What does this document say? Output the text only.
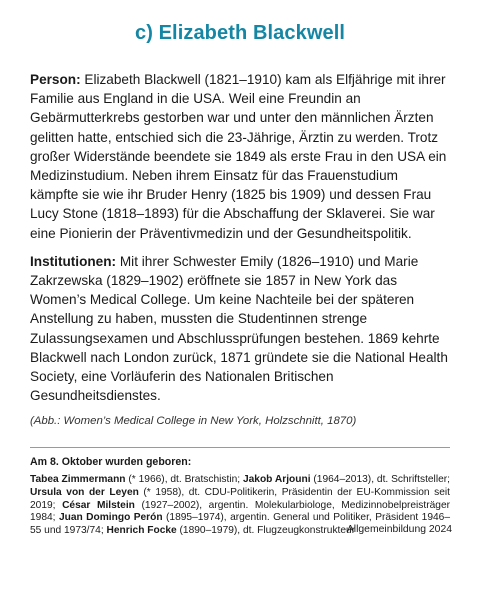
c) Elizabeth Blackwell

Person: Elizabeth Blackwell (1821–1910) kam als Elfjährige mit ihrer Familie aus England in die USA. Weil eine Freundin an Gebärmutterkrebs gestorben war und unter den männlichen Ärzten gelitten hatte, entschied sich die 23-Jährige, Ärztin zu werden. Trotz großer Widerstände beendete sie 1849 als erste Frau in den USA ein Medizinstudium. Neben ihrem Einsatz für das Frauenstudium kämpfte sie wie ihr Bruder Henry (1825 bis 1909) und dessen Frau Lucy Stone (1818–1893) für die Abschaffung der Sklaverei. Sie war eine Pionierin der Präventivmedizin und der Gesundheitspolitik.

Institutionen: Mit ihrer Schwester Emily (1826–1910) und Marie Zakrzewska (1829–1902) eröffnete sie 1857 in New York das Women’s Medical College. Um keine Nachteile bei der späteren Anstellung zu haben, mussten die Studentinnen strenge Zulassungsexamen und Abschlussprüfungen bestehen. 1869 kehrte Blackwell nach London zurück, 1871 gründete sie die National Health Society, eine Vorläuferin des Nationalen Britischen Gesundheitsdienstes.

(Abb.: Women’s Medical College in New York, Holzschnitt, 1870)

Am 8. Oktober wurden geboren:

Tabea Zimmermann (* 1966), dt. Bratschistin; Jakob Arjouni (1964–2013), dt. Schriftsteller; Ursula von der Leyen (* 1958), dt. CDU-Politikerin, Präsidentin der EU-Kommission seit 2019; César Milstein (1927–2002), argentin. Molekularbiologe, Medizinnobelpreisträger 1984; Juan Domingo Perón (1895–1974), argentin. General und Politiker, Präsident 1946–55 und 1973/74; Henrich Focke (1890–1979), dt. Flugzeugkonstrukteur

Allgemeinbildung 2024
